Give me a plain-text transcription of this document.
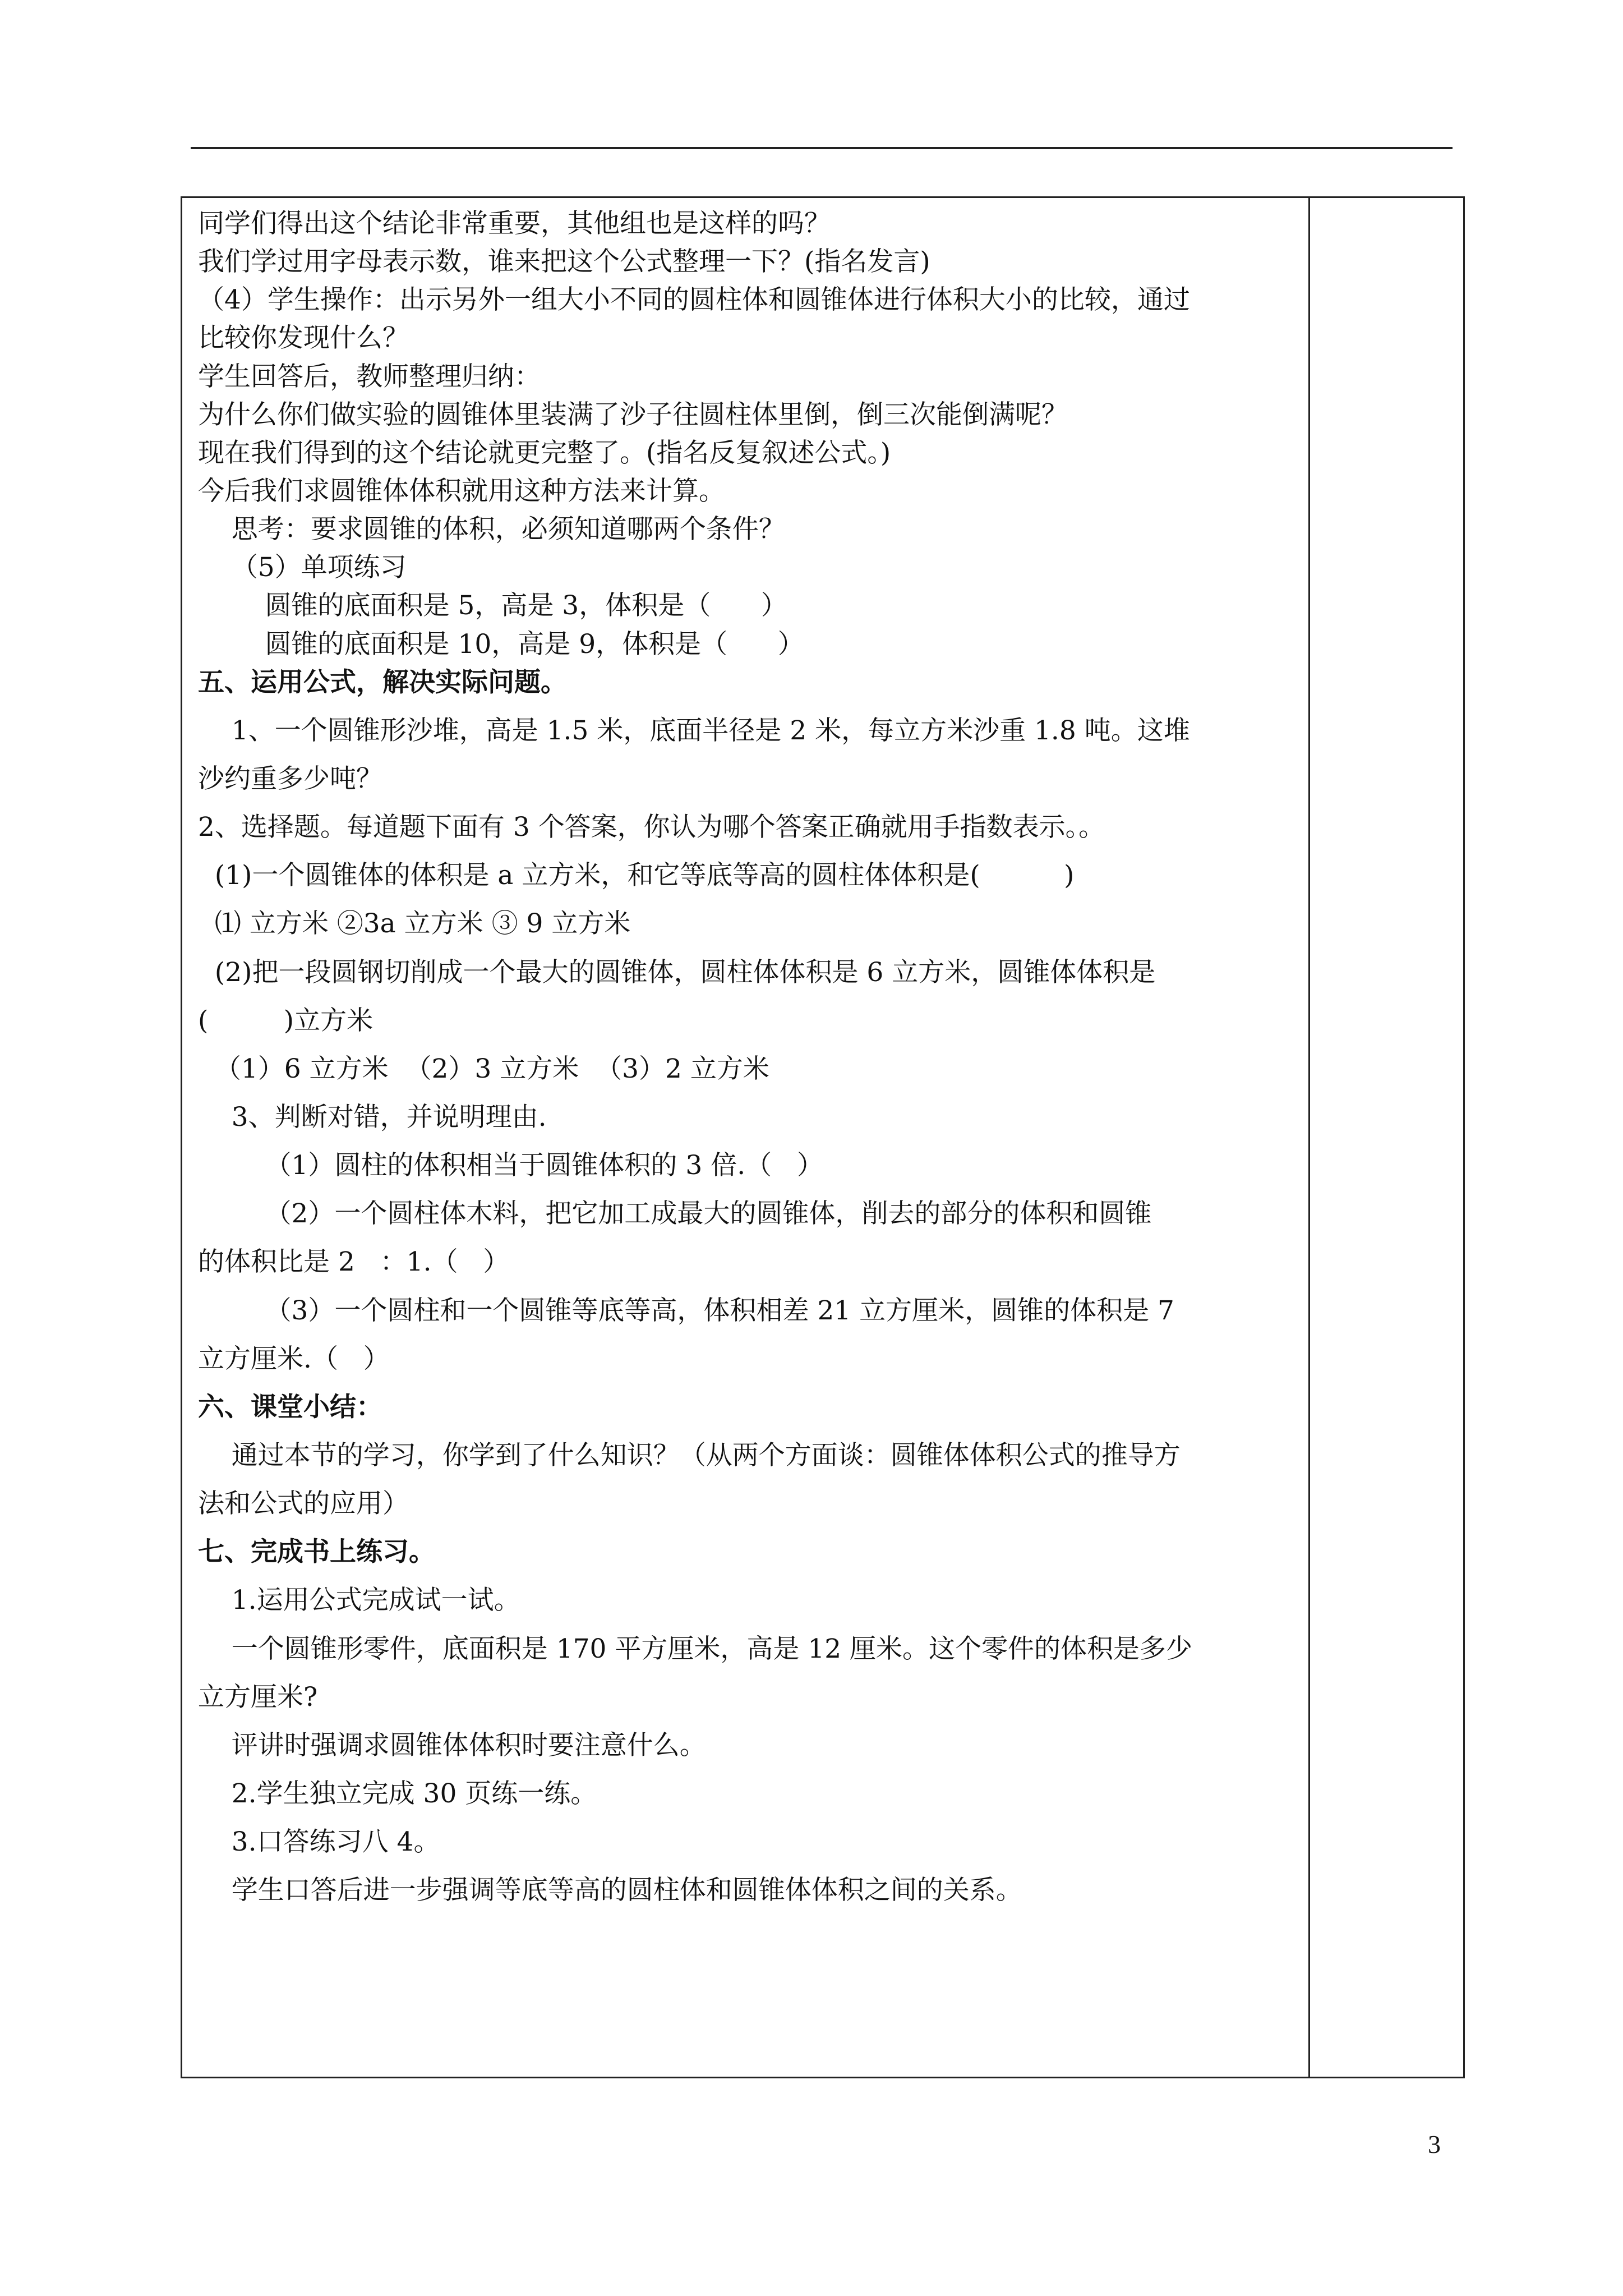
同学们得出这个结论非常重要，其他组也是这样的吗？

我们学过用字母表示数，谁来把这个公式整理一下？(指名发言)

（4）学生操作：出示另外一组大小不同的圆柱体和圆锥体进行体积大小的比较，通过

比较你发现什么？

学生回答后，教师整理归纳：

为什么你们做实验的圆锥体里装满了沙子往圆柱体里倒，倒三次能倒满呢？

现在我们得到的这个结论就更完整了。(指名反复叙述公式。)

今后我们求圆锥体体积就用这种方法来计算。

思考：要求圆锥的体积，必须知道哪两个条件？

（5）单项练习

圆锥的底面积是 5，高是 3，体积是（      ）

圆锥的底面积是 10，高是 9，体积是（      ）

五、运用公式，解决实际问题。

1、一个圆锥形沙堆，高是 1.5 米，底面半径是 2 米，每立方米沙重 1.8 吨。这堆

沙约重多少吨？

2、选择题。每道题下面有 3 个答案，你认为哪个答案正确就用手指数表示。。

(1)一个圆锥体的体积是 a 立方米，和它等底等高的圆柱体体积是(          )

⑴ 立方米 ②3a 立方米 ③ 9 立方米

(2)把一段圆钢切削成一个最大的圆锥体，圆柱体体积是 6 立方米，圆锥体体积是

(         )立方米

（1）6 立方米  （2）3 立方米  （3）2 立方米

3、判断对错，并说明理由.

（1）圆柱的体积相当于圆锥体积的 3 倍.（   ）

（2）一个圆柱体木料，把它加工成最大的圆锥体，削去的部分的体积和圆锥

的体积比是 2   ：1.（   ）

（3）一个圆柱和一个圆锥等底等高，体积相差 21 立方厘米，圆锥的体积是 7

立方厘米.（   ）

六、课堂小结：

通过本节的学习，你学到了什么知识？（从两个方面谈：圆锥体体积公式的推导方

法和公式的应用）

七、完成书上练习。

1.运用公式完成试一试。

一个圆锥形零件，底面积是 170 平方厘米，高是 12 厘米。这个零件的体积是多少

立方厘米?

评讲时强调求圆锥体体积时要注意什么。

2.学生独立完成 30 页练一练。

3.口答练习八 4。

学生口答后进一步强调等底等高的圆柱体和圆锥体体积之间的关系。

3
